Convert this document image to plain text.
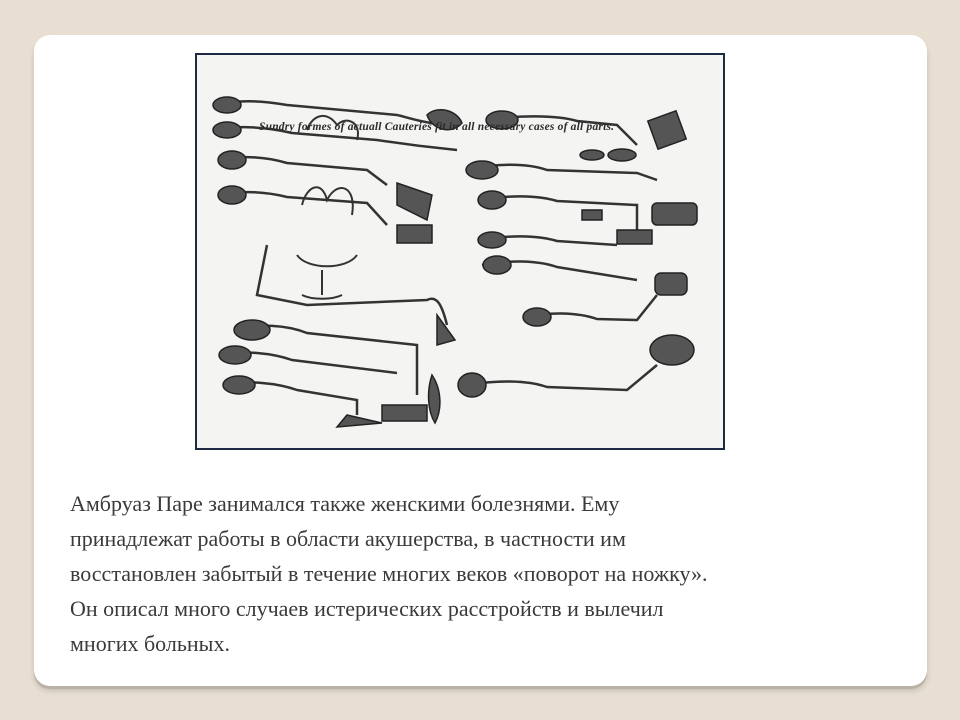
Sundry formes of actuall Cauteries fit in all necessary cases of all parts.
Амбруаз Паре занимался также женскими болезнями. Ему
принадлежат работы в области акушерства, в частности им
восстановлен забытый в течение многих веков «поворот на ножку».
Он описал много случаев истерических расстройств и вылечил
многих больных.
